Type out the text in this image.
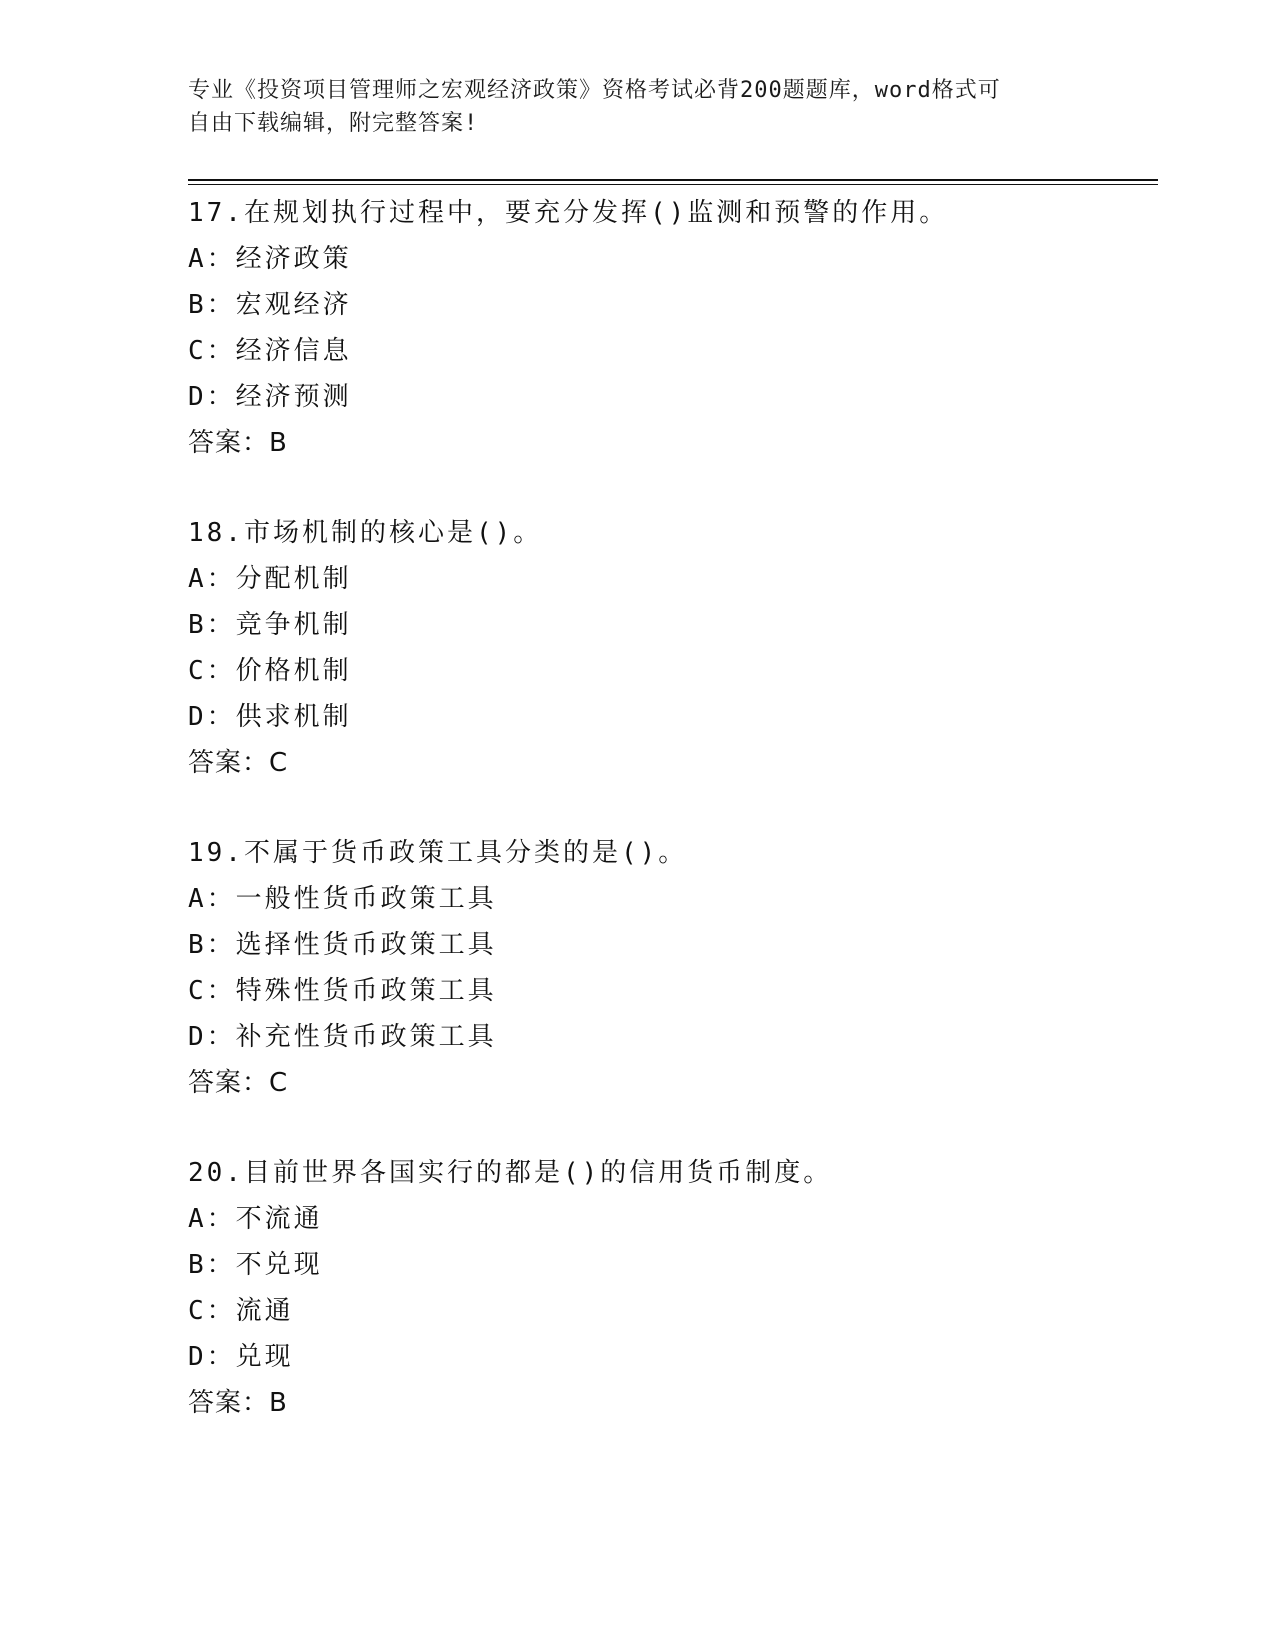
专业《投资项目管理师之宏观经济政策》资格考试必背200题题库，word格式可
自由下载编辑，附完整答案!
17.在规划执行过程中，要充分发挥()监测和预警的作用。
A：经济政策
B：宏观经济
C：经济信息
D：经济预测
答案：B
18.市场机制的核心是()。
A：分配机制
B：竞争机制
C：价格机制
D：供求机制
答案：C
19.不属于货币政策工具分类的是()。
A：一般性货币政策工具
B：选择性货币政策工具
C：特殊性货币政策工具
D：补充性货币政策工具
答案：C
20.目前世界各国实行的都是()的信用货币制度。
A：不流通
B：不兑现
C：流通
D：兑现
答案：B
